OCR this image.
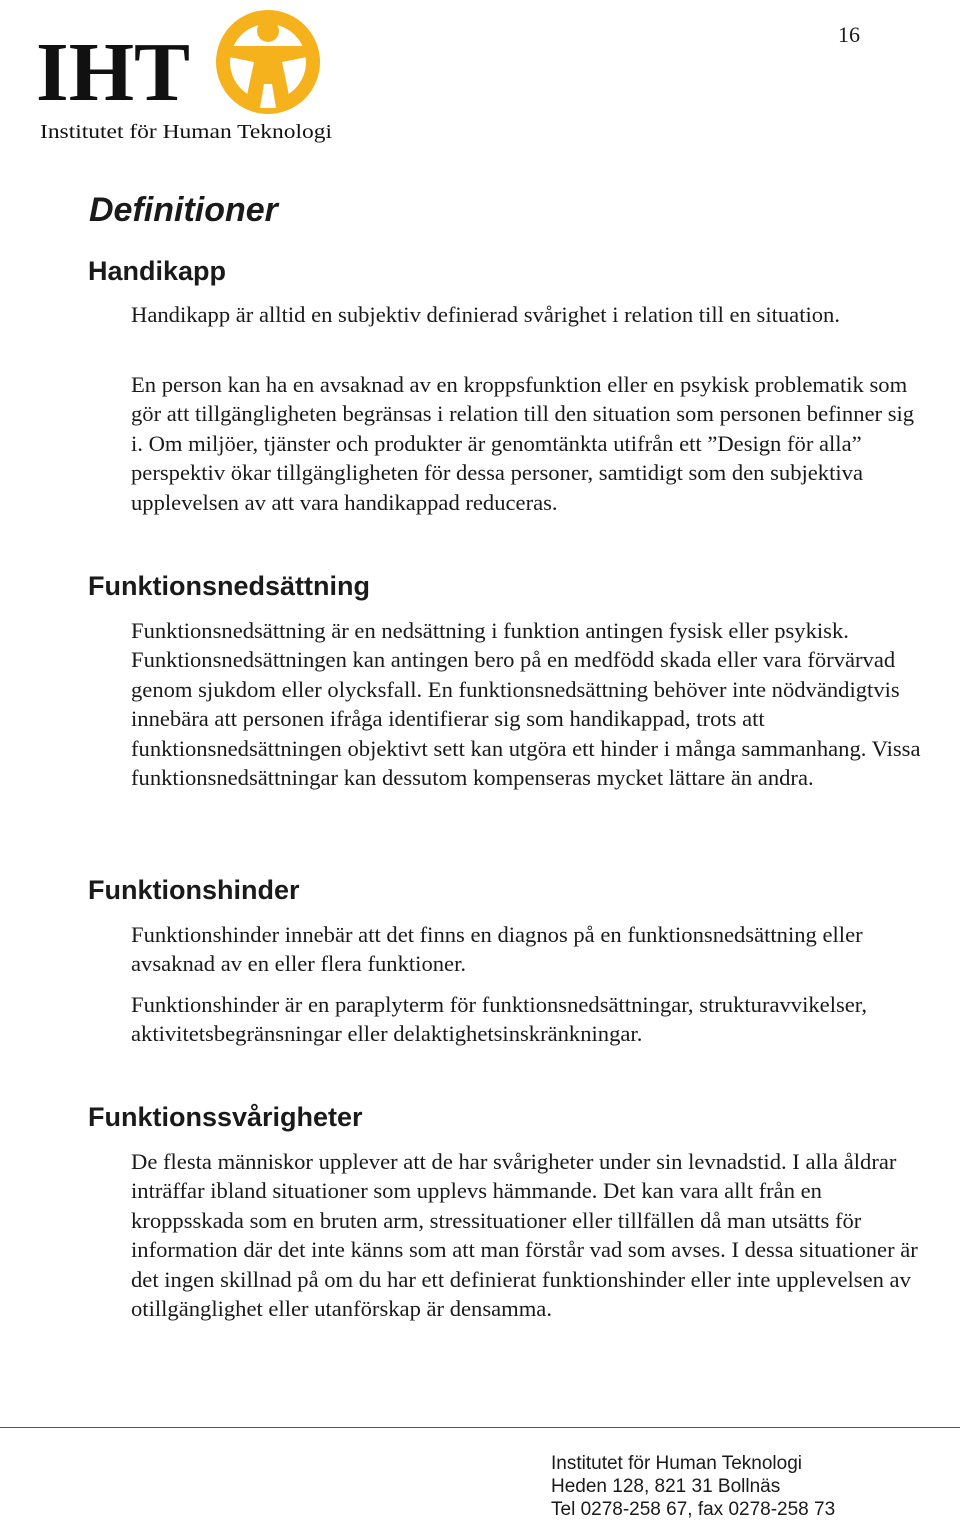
16
IHT
Institutet för Human Teknologi
Definitioner
Handikapp

Handikapp är alltid en subjektiv definierad svårighet i relation till en situation.

En person kan ha en avsaknad av en kroppsfunktion eller en psykisk problematik som gör att tillgängligheten begränsas i relation till den situation som personen befinner sig i. Om miljöer, tjänster och produkter är genomtänkta utifrån ett ”Design för alla” perspektiv ökar tillgängligheten för dessa personer, samtidigt som den subjektiva upplevelsen av att vara handikappad reduceras.

Funktionsnedsättning

Funktionsnedsättning är en nedsättning i funktion antingen fysisk eller psykisk. Funktionsnedsättningen kan antingen bero på en medfödd skada eller vara förvärvad genom sjukdom eller olycksfall. En funktionsnedsättning behöver inte nödvändigtvis innebära att personen ifråga identifierar sig som handikappad, trots att funktionsnedsättningen objektivt sett kan utgöra ett hinder i många sammanhang. Vissa funktionsnedsättningar kan dessutom kompenseras mycket lättare än andra.

Funktionshinder

Funktionshinder innebär att det finns en diagnos på en funktionsnedsättning eller avsaknad av en eller flera funktioner.

Funktionshinder är en paraplyterm för funktionsnedsättningar, strukturavvikelser, aktivitetsbegränsningar eller delaktighetsinskränkningar.

Funktionssvårigheter

De flesta människor upplever att de har svårigheter under sin levnadstid. I alla åldrar inträffar ibland situationer som upplevs hämmande. Det kan vara allt från en kroppsskada som en bruten arm, stressituationer eller tillfällen då man utsätts för information där det inte känns som att man förstår vad som avses. I dessa situationer är det ingen skillnad på om du har ett definierat funktionshinder eller inte upplevelsen av otillgänglighet eller utanförskap är densamma.

Institutet för Human Teknologi
Heden 128, 821 31 Bollnäs
Tel 0278-258 67, fax 0278-258 73
